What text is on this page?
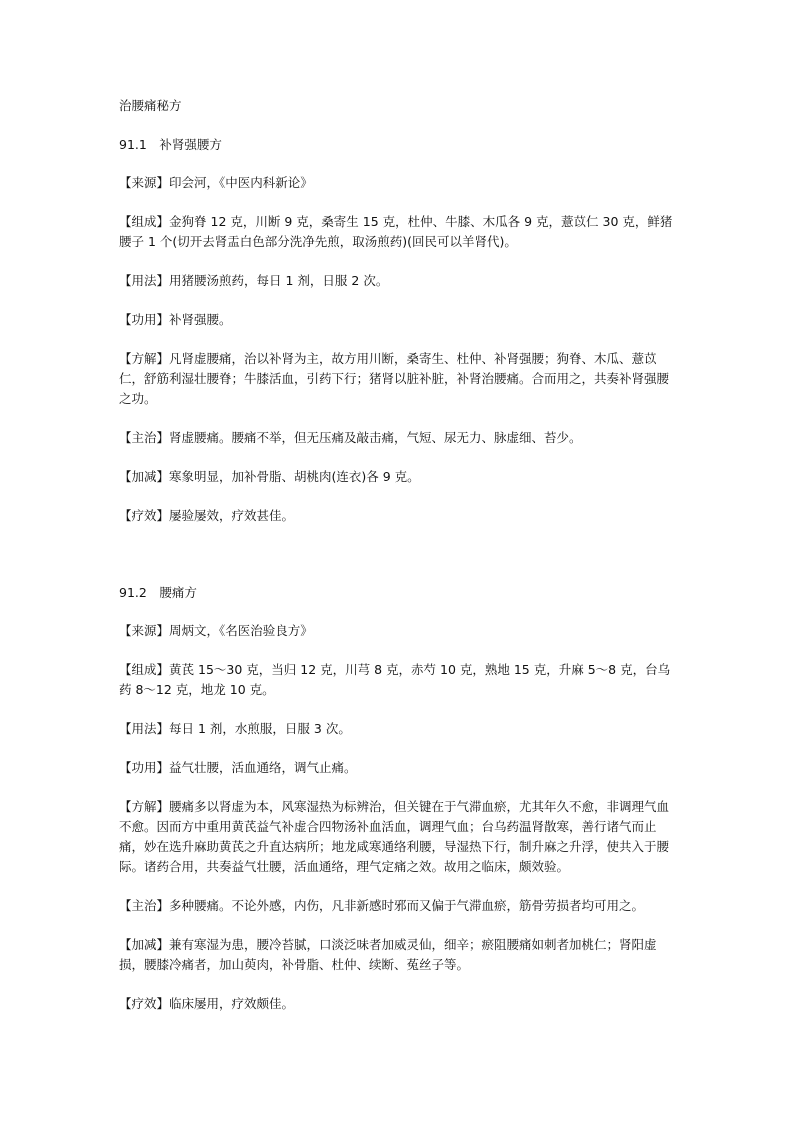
治腰痛秘方

91.1　补肾强腰方

【来源】印会河，《中医内科新论》

【组成】金狗脊 12 克，川断 9 克，桑寄生 15 克，杜仲、牛膝、木瓜各 9 克，薏苡仁 30 克，鲜猪腰子 1 个(切开去肾盂白色部分洗净先煎，取汤煎药)(回民可以羊肾代)。

【用法】用猪腰汤煎药，每日 1 剂，日服 2 次。

【功用】补肾强腰。

【方解】凡肾虚腰痛，治以补肾为主，故方用川断，桑寄生、杜仲、补肾强腰；狗脊、木瓜、薏苡仁，舒筋利湿壮腰脊；牛膝活血，引药下行；猪肾以脏补脏，补肾治腰痛。合而用之，共奏补肾强腰之功。

【主治】肾虚腰痛。腰痛不举，但无压痛及敲击痛，气短、尿无力、脉虚细、苔少。

【加减】寒象明显，加补骨脂、胡桃肉(连衣)各 9 克。

【疗效】屡验屡效，疗效甚佳。

91.2　腰痛方

【来源】周炳文，《名医治验良方》

【组成】黄芪 15～30 克，当归 12 克，川芎 8 克，赤芍 10 克，熟地 15 克，升麻 5～8 克，台乌药 8～12 克，地龙 10 克。

【用法】每日 1 剂，水煎服，日服 3 次。

【功用】益气壮腰，活血通络，调气止痛。

【方解】腰痛多以肾虚为本，风寒湿热为标辨治，但关键在于气滞血瘀，尤其年久不愈，非调理气血不愈。因而方中重用黄芪益气补虚合四物汤补血活血，调理气血；台乌药温肾散寒，善行诸气而止痛，妙在选升麻助黄芪之升直达病所；地龙咸寒通络利腰，导湿热下行，制升麻之升浮，使共入于腰际。诸药合用，共奏益气壮腰，活血通络，理气定痛之效。故用之临床，颇效验。

【主治】多种腰痛。不论外感，内伤，凡非新感时邪而又偏于气滞血瘀，筋骨劳损者均可用之。

【加减】兼有寒湿为患，腰冷苔腻，口淡泛味者加威灵仙，细辛；瘀阻腰痛如刺者加桃仁；肾阳虚损，腰膝冷痛者，加山萸肉，补骨脂、杜仲、续断、菟丝子等。

【疗效】临床屡用，疗效颇佳。
